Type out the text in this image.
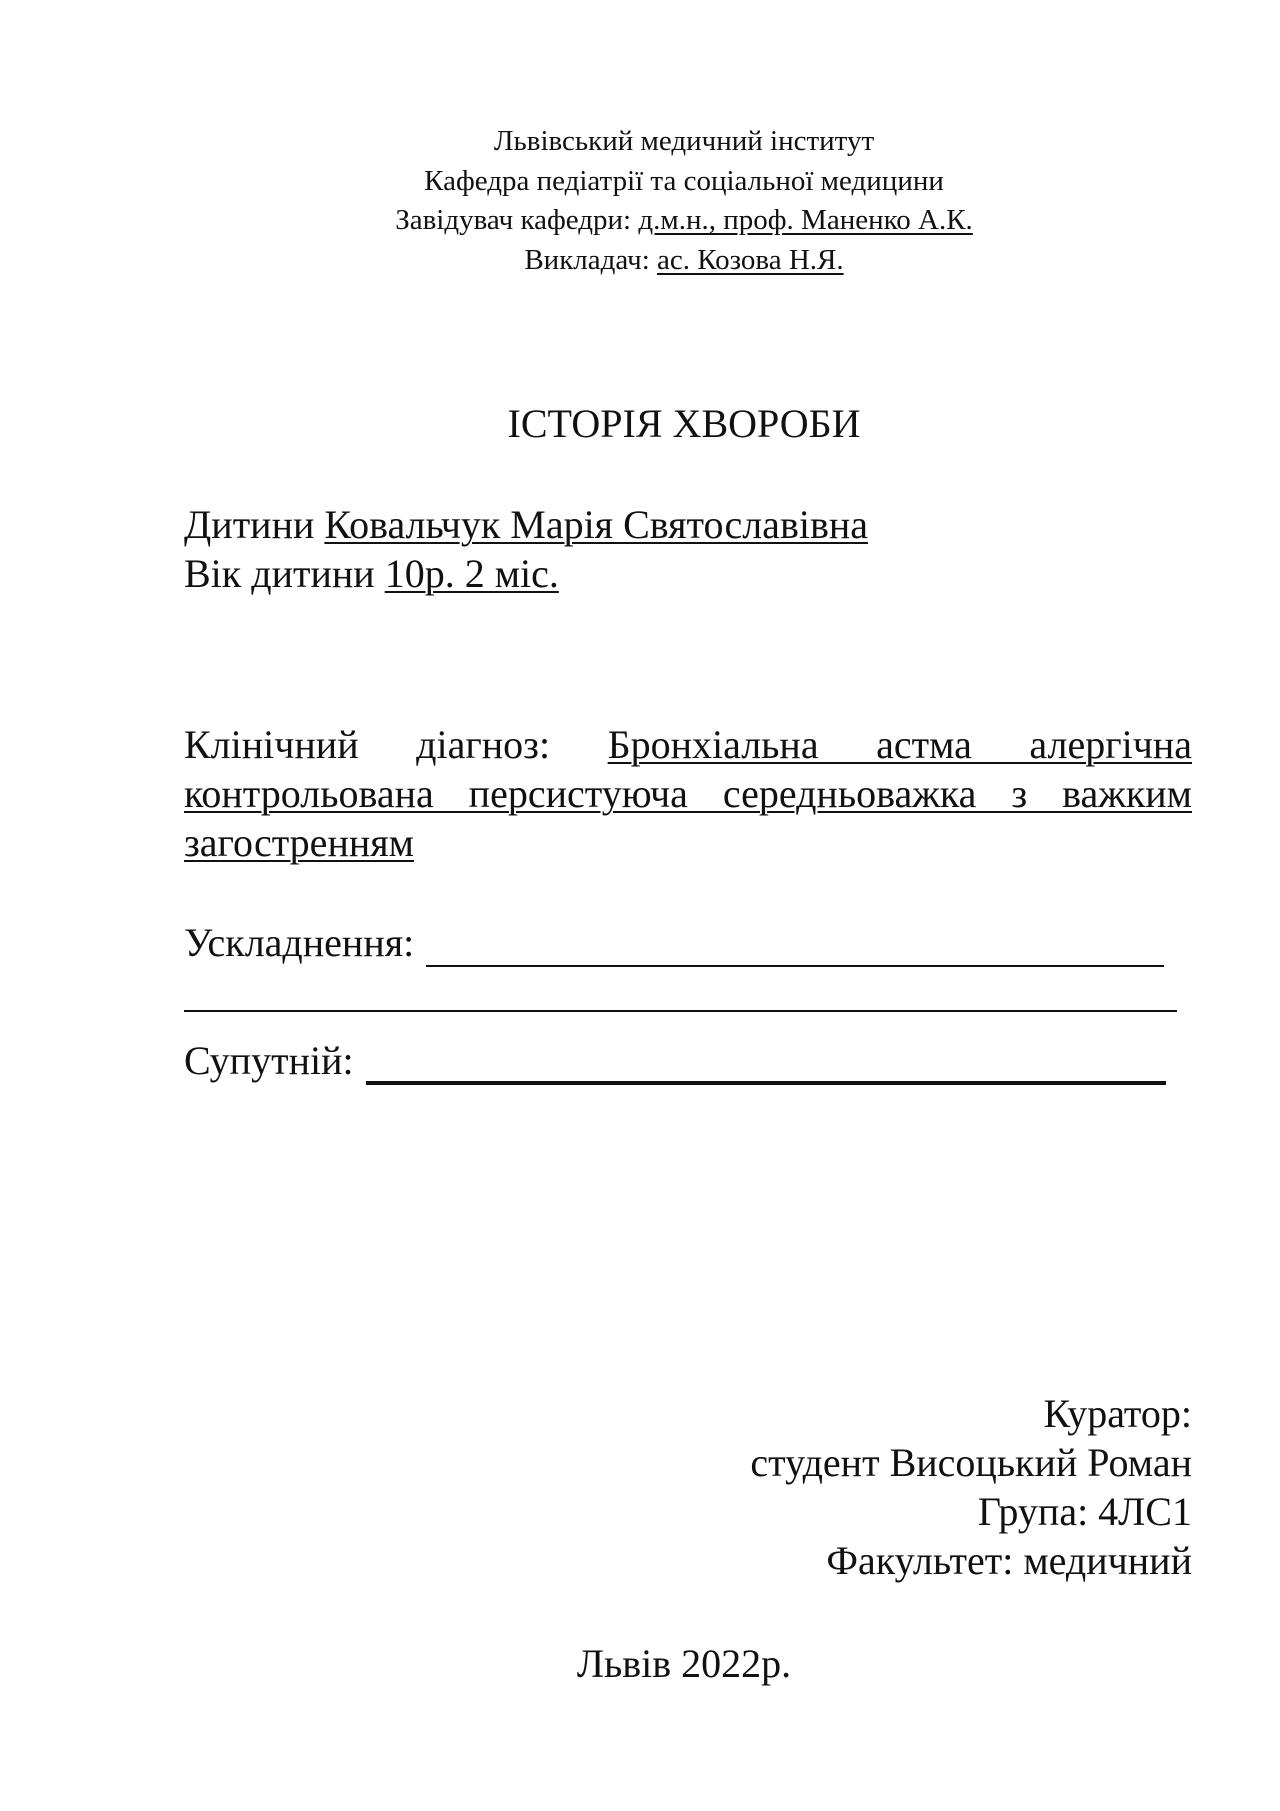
Львівський медичний інститут
Кафедра педіатрії та соціальної медицини
Завідувач кафедри: д.м.н., проф. Маненко А.К.
Викладач: ас. Козова Н.Я.
ІСТОРІЯ ХВОРОБИ
Дитини Ковальчук Марія Святославівна
Вік дитини 10р. 2 міс.
Клінічний діагноз: Бронхіальна астма алергічна контрольована персистуюча середньоважка з важким загостренням
Ускладнення:
Супутній:
Куратор:
студент Висоцький Роман
Група: 4ЛС1
Факультет: медичний
Львів 2022р.
